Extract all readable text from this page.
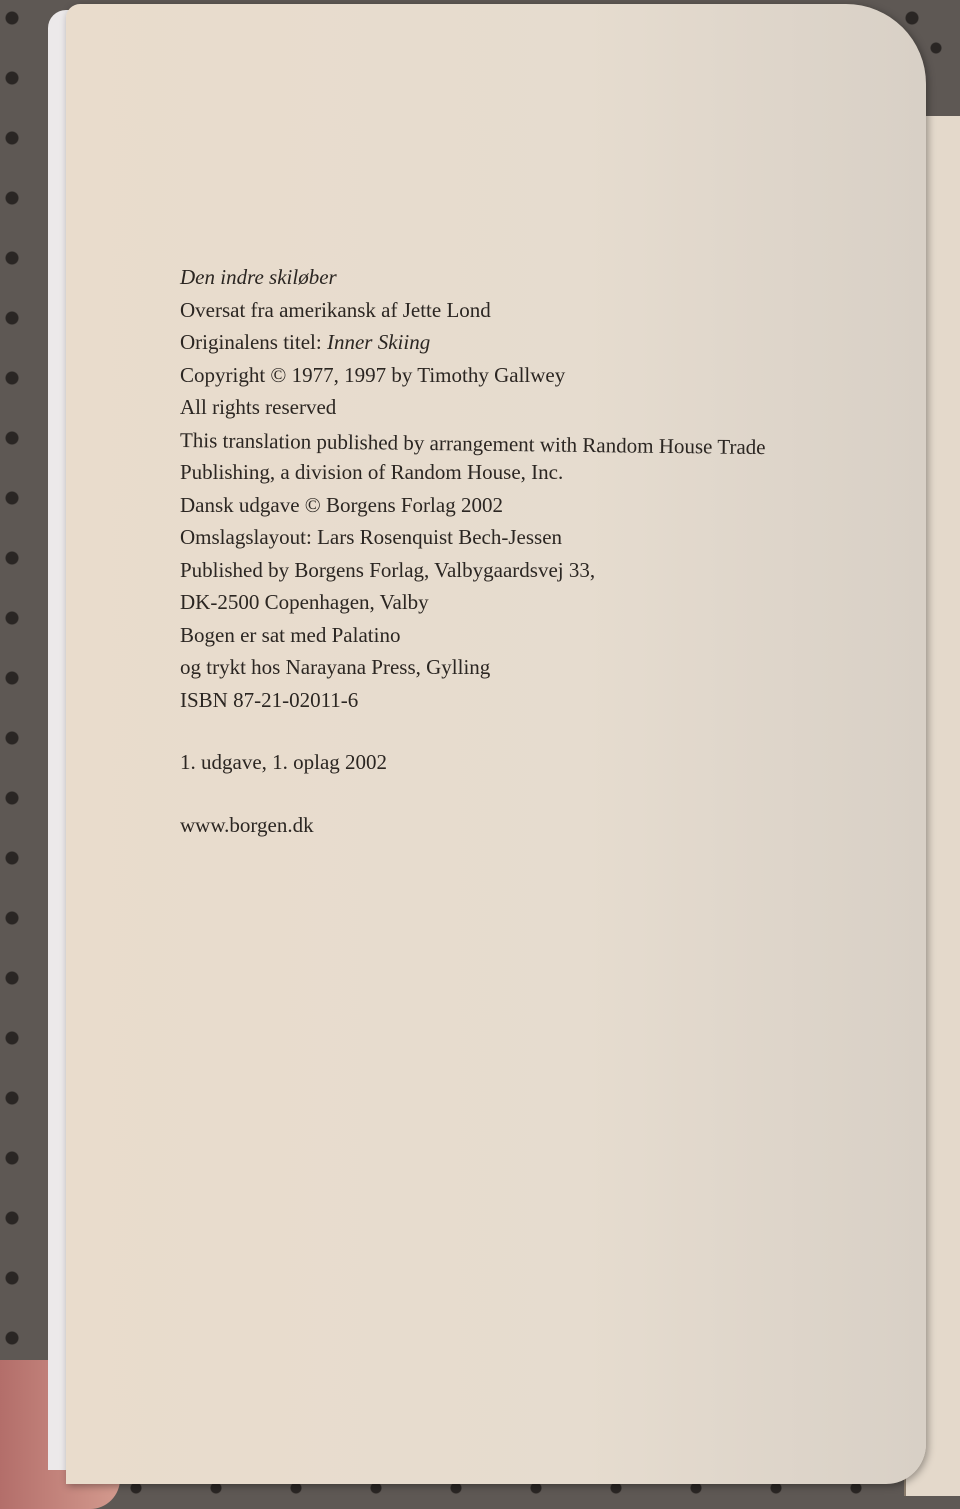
Den indre skiløber
Oversat fra amerikansk af Jette Lond
Originalens titel: Inner Skiing
Copyright © 1977, 1997 by Timothy Gallwey
All rights reserved
This translation published by arrangement with Random House Trade
Publishing, a division of Random House, Inc.
Dansk udgave © Borgens Forlag 2002
Omslagslayout: Lars Rosenquist Bech-Jessen
Published by Borgens Forlag, Valbygaardsvej 33,
DK-2500 Copenhagen, Valby
Bogen er sat med Palatino
og trykt hos Narayana Press, Gylling
ISBN 87-21-02011-6
1. udgave, 1. oplag 2002
www.borgen.dk
